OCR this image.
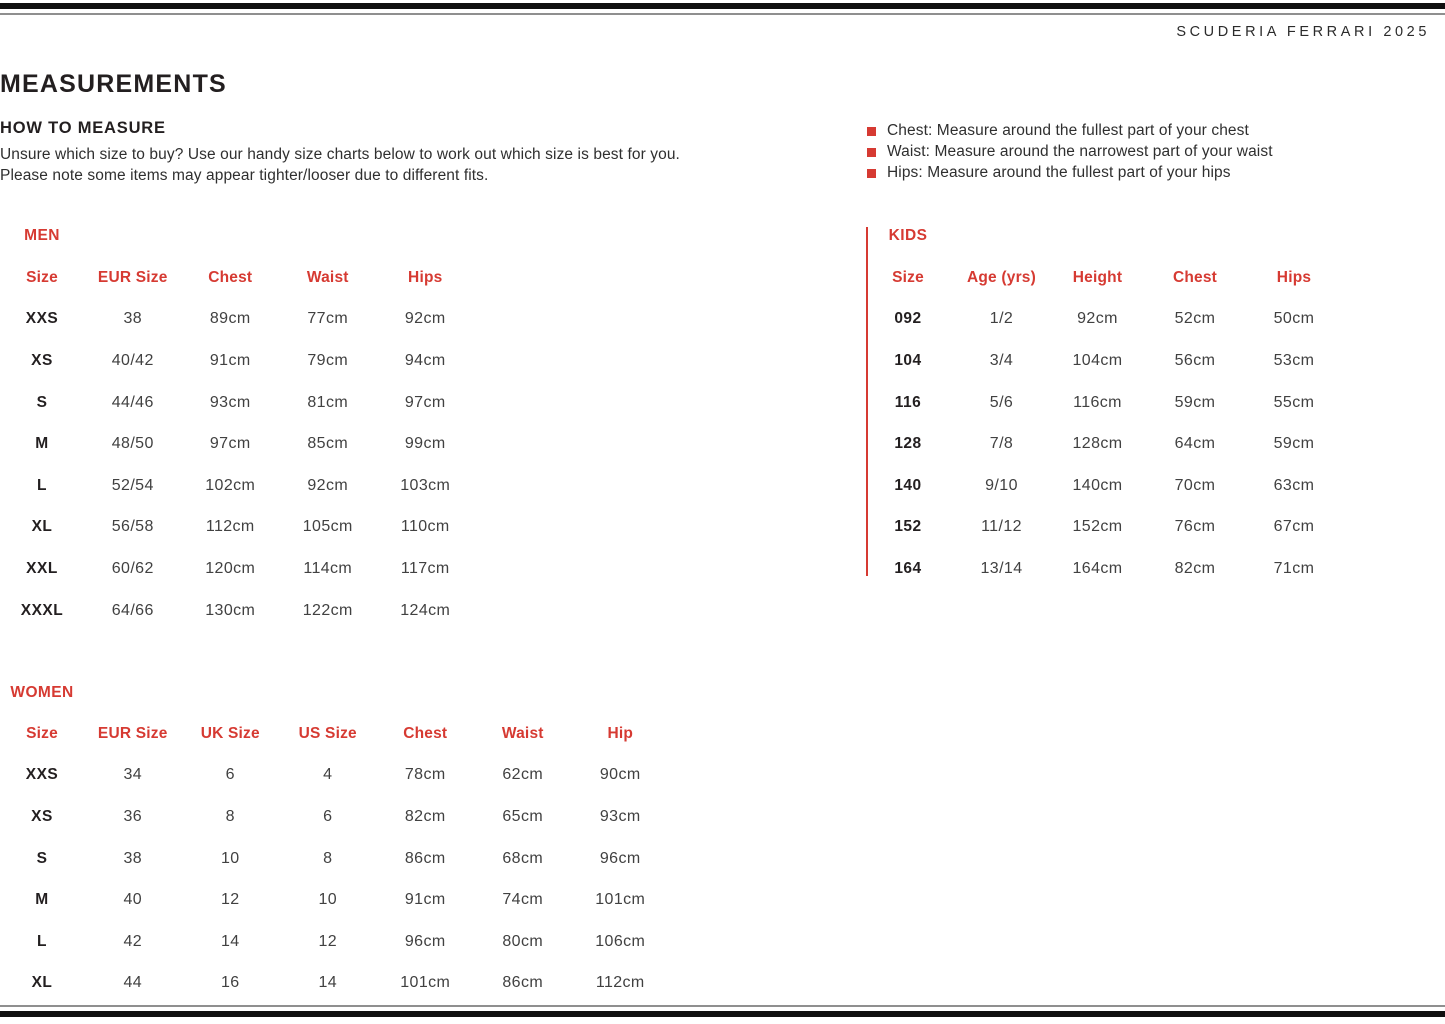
SCUDERIA FERRARI 2025
MEASUREMENTS
HOW TO MEASURE

Unsure which size to buy? Use our handy size charts below to work out which size is best for you.

Please note some items may appear tighter/looser due to different fits.

Chest: Measure around the fullest part of your chest
Waist: Measure around the narrowest part of your waist
Hips: Measure around the fullest part of your hips
MEN
Size	EUR Size	Chest	Waist	Hips
XXS	38	89cm	77cm	92cm
XS	40/42	91cm	79cm	94cm
S	44/46	93cm	81cm	97cm
M	48/50	97cm	85cm	99cm
L	52/54	102cm	92cm	103cm
XL	56/58	112cm	105cm	110cm
XXL	60/62	120cm	114cm	117cm
XXXL	64/66	130cm	122cm	124cm
KIDS
Size	Age (yrs)	Height	Chest	Hips
092	1/2	92cm	52cm	50cm
104	3/4	104cm	56cm	53cm
116	5/6	116cm	59cm	55cm
128	7/8	128cm	64cm	59cm
140	9/10	140cm	70cm	63cm
152	11/12	152cm	76cm	67cm
164	13/14	164cm	82cm	71cm
WOMEN
Size	EUR Size	UK Size	US Size	Chest	Waist	Hip
XXS	34	6	4	78cm	62cm	90cm
XS	36	8	6	82cm	65cm	93cm
S	38	10	8	86cm	68cm	96cm
M	40	12	10	91cm	74cm	101cm
L	42	14	12	96cm	80cm	106cm
XL	44	16	14	101cm	86cm	112cm
